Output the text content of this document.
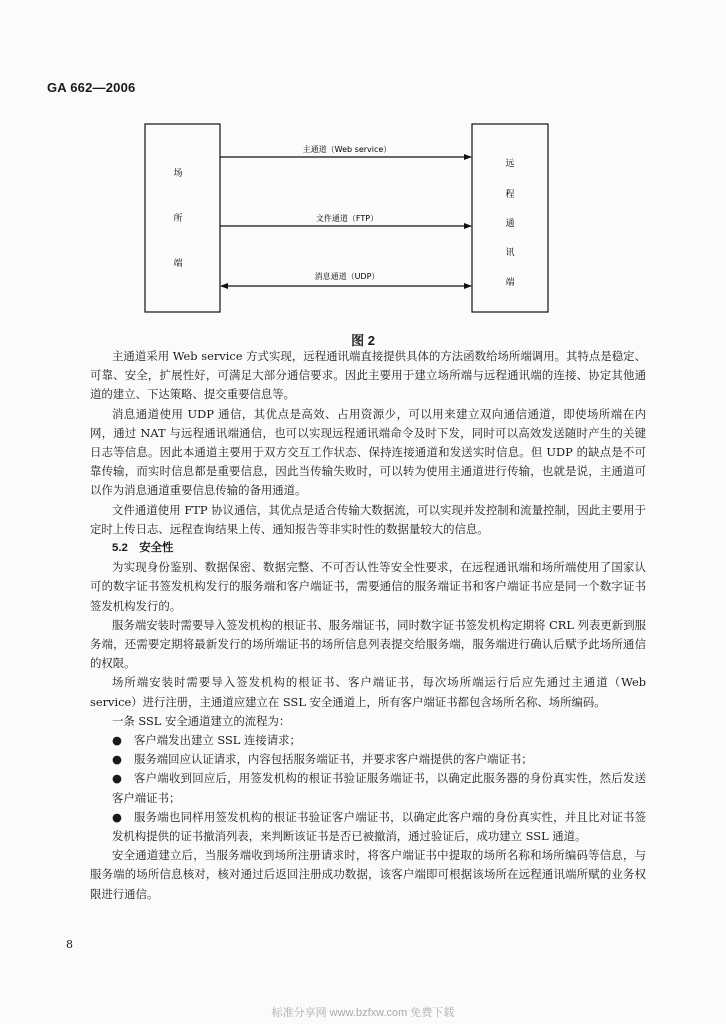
GA 662—2006
场
所
端
远
程
通
讯
端
主通道（Web service）
文件通道（FTP）
消息通道（UDP）
图 2

主通道采用 Web service 方式实现，远程通讯端直接提供具体的方法函数给场所端调用。其特点是稳定、可靠、安全，扩展性好，可满足大部分通信要求。因此主要用于建立场所端与远程通讯端的连接、协定其他通道的建立、下达策略、提交重要信息等。

消息通道使用 UDP 通信，其优点是高效、占用资源少，可以用来建立双向通信通道，即使场所端在内网，通过 NAT 与远程通讯端通信，也可以实现远程通讯端命令及时下发，同时可以高效发送随时产生的关键日志等信息。因此本通道主要用于双方交互工作状态、保持连接通道和发送实时信息。但 UDP 的缺点是不可靠传输，而实时信息都是重要信息，因此当传输失败时，可以转为使用主通道进行传输，也就是说，主通道可以作为消息通道重要信息传输的备用通道。

文件通道使用 FTP 协议通信，其优点是适合传输大数据流，可以实现并发控制和流量控制，因此主要用于定时上传日志、远程查询结果上传、通知报告等非实时性的数据量较大的信息。

5.2　安全性

为实现身份鉴别、数据保密、数据完整、不可否认性等安全性要求，在远程通讯端和场所端使用了国家认可的数字证书签发机构发行的服务端和客户端证书，需要通信的服务端证书和客户端证书应是同一个数字证书签发机构发行的。

服务端安装时需要导入签发机构的根证书、服务端证书，同时数字证书签发机构定期将 CRL 列表更新到服务端，还需要定期将最新发行的场所端证书的场所信息列表提交给服务端，服务端进行确认后赋予此场所通信的权限。

场所端安装时需要导入签发机构的根证书、客户端证书，每次场所端运行后应先通过主通道（Web service）进行注册，主通道应建立在 SSL 安全通道上，所有客户端证书都包含场所名称、场所编码。

一条 SSL 安全通道建立的流程为：

● 客户端发出建立 SSL 连接请求；

● 服务端回应认证请求，内容包括服务端证书，并要求客户端提供的客户端证书；

● 客户端收到回应后，用签发机构的根证书验证服务端证书，以确定此服务器的身份真实性，然后发送客户端证书；

● 服务端也同样用签发机构的根证书验证客户端证书，以确定此客户端的身份真实性，并且比对证书签发机构提供的证书撤消列表，来判断该证书是否已被撤消，通过验证后，成功建立 SSL 通道。

安全通道建立后，当服务端收到场所注册请求时，将客户端证书中提取的场所名称和场所编码等信息，与服务端的场所信息核对，核对通过后返回注册成功数据，该客户端即可根据该场所在远程通讯端所赋的业务权限进行通信。

8
标准分享网 www.bzfxw.com 免费下载
